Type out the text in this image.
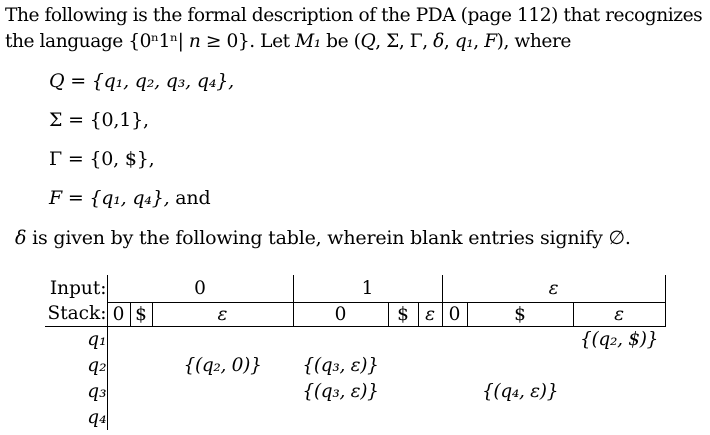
The following is the formal description of the PDA (page 112) that recognizes
the language {0ⁿ1ⁿ| n ≥ 0}. Let M₁ be (Q, Σ, Γ, δ, q₁, F), where
Q = {q₁, q₂, q₃, q₄},
Σ = {0,1},
Γ = {0, $},
F = {q₁, q₄}, and
δ is given by the following table, wherein blank entries signify ∅.
Input:	0			1			ε		
Stack:	0	$	ε	0	$	ε	0	$	ε
q₁									{(q₂, $)}
q₂			{(q₂, 0)}	{(q₃, ε)}					
q₃				{(q₃, ε)}				{(q₄, ε)}	
q₄									
